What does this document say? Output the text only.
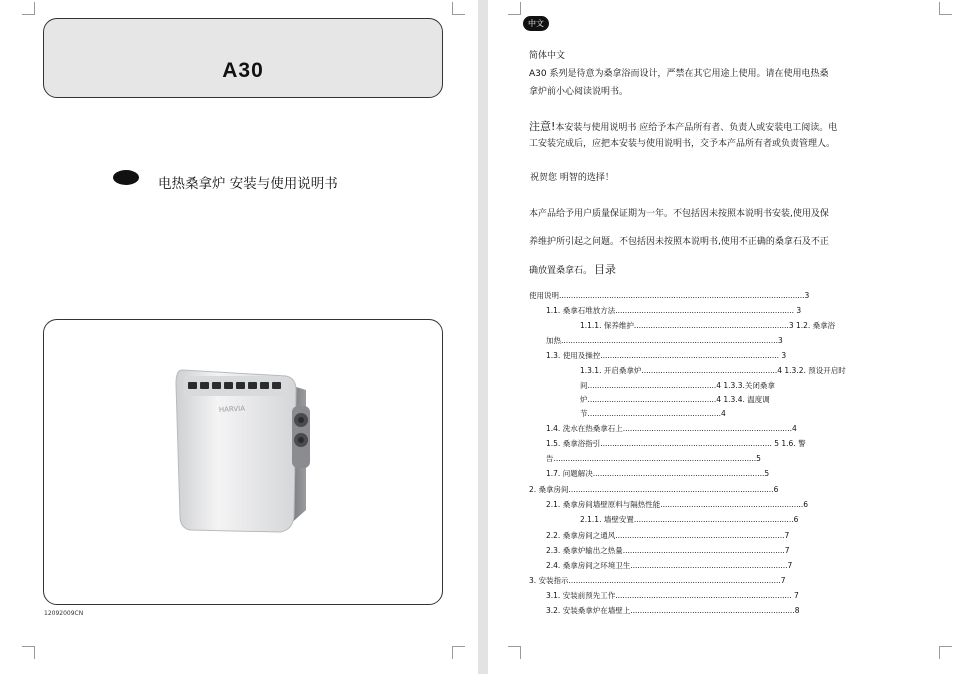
A30
电热桑拿炉 安装与使用说明书
HARVIA
12092009CN
中文
简体中文
A30 系列是待意为桑拿浴而设计，严禁在其它用途上使用。请在使用电热桑
拿炉前小心阅读说明书。
注意!本安装与使用说明书 应给予本产品所有者、负责人或安装电工阅读。电
工安装完成后，应把本安装与使用说明书，交予本产品所有者或负责管理人。
祝贺您 明智的选择！
本产品给予用户质量保证期为一年。不包括因未按照本说明书安装,使用及保
养维护所引起之问题。不包括因未按照本说明书,使用不正确的桑拿石及不正
确放置桑拿石。 目录
使用说明.......................................................................................................3
1.1. 桑拿石堆放方法........................................................................... 3
1.1.1. 保养维护.................................................................3 1.2. 桑拿浴
加热...........................................................................................3
1.3. 使用及操控........................................................................... 3
1.3.1. 开启桑拿炉.........................................................4 1.3.2. 预设开启时
间......................................................4 1.3.3.关闭桑拿
炉......................................................4 1.3.4. 温度调
节........................................................4
1.4. 洗水在热桑拿石上.......................................................................4
1.5. 桑拿浴指引........................................................................ 5 1.6. 警
告.....................................................................................5
1.7. 问题解决........................................................................5
2. 桑拿房间......................................................................................6
2.1. 桑拿房间墙壁原料与隔热性能............................................................6
2.1.1. 墙壁安置...................................................................6
2.2. 桑拿房间之通风.......................................................................7
2.3. 桑拿炉输出之热量....................................................................7
2.4. 桑拿房间之环境卫生..................................................................7
3. 安装指示.........................................................................................7
3.1. 安装前预先工作.......................................................................... 7
3.2. 安装桑拿炉在墙壁上.....................................................................8
